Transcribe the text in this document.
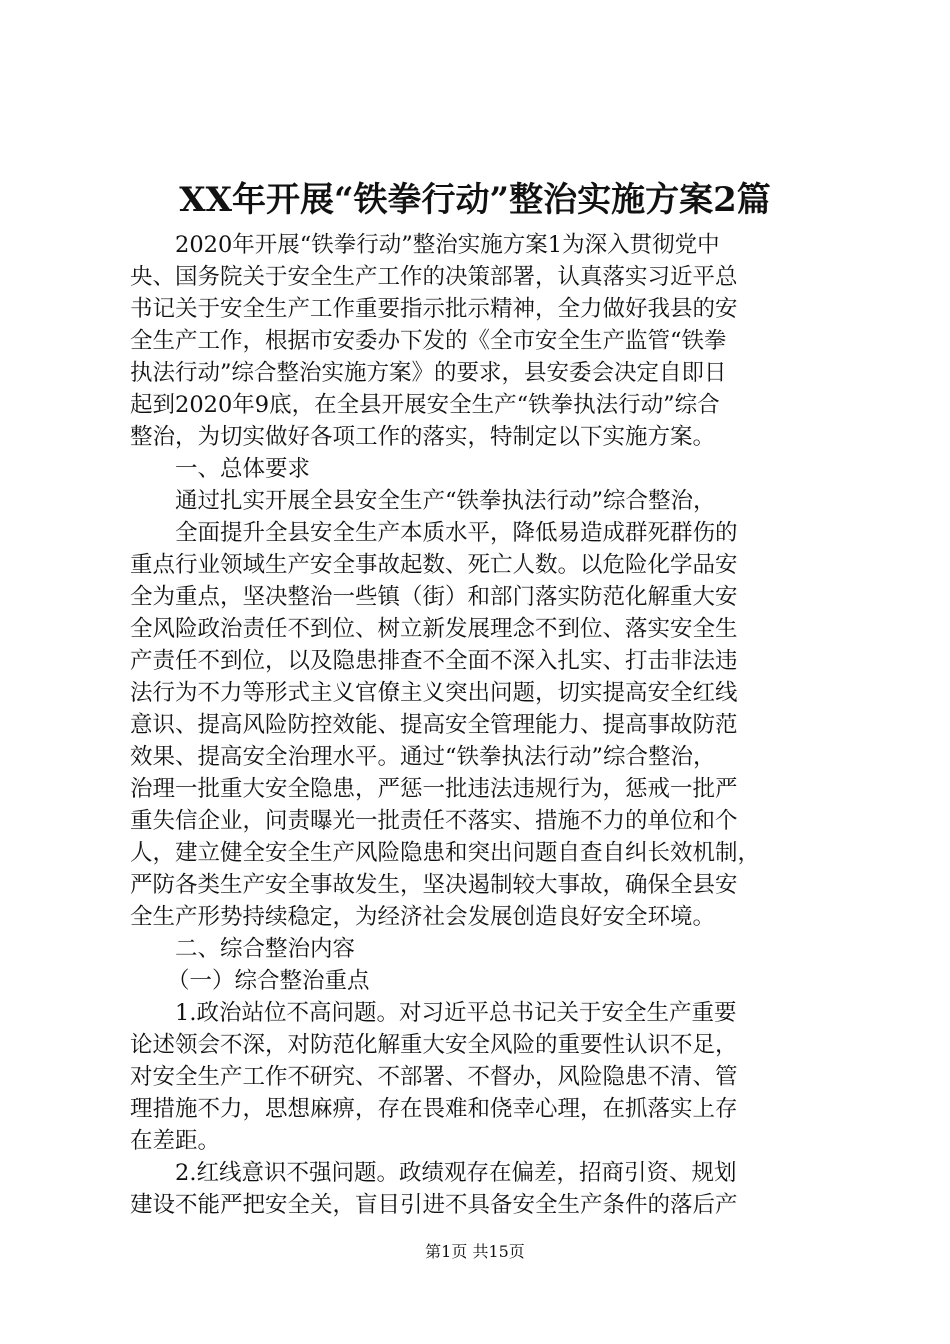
XX年开展“铁拳行动”整治实施方案2篇
2020年开展“铁拳行动”整治实施方案1为深入贯彻党中
央、国务院关于安全生产工作的决策部署，认真落实习近平总
书记关于安全生产工作重要指示批示精神，全力做好我县的安
全生产工作，根据市安委办下发的《全市安全生产监管“铁拳
执法行动”综合整治实施方案》的要求，县安委会决定自即日
起到2020年9底，在全县开展安全生产“铁拳执法行动”综合
整治，为切实做好各项工作的落实，特制定以下实施方案。
一、总体要求
通过扎实开展全县安全生产“铁拳执法行动”综合整治，
全面提升全县安全生产本质水平，降低易造成群死群伤的
重点行业领域生产安全事故起数、死亡人数。以危险化学品安
全为重点，坚决整治一些镇（街）和部门落实防范化解重大安
全风险政治责任不到位、树立新发展理念不到位、落实安全生
产责任不到位，以及隐患排查不全面不深入扎实、打击非法违
法行为不力等形式主义官僚主义突出问题，切实提高安全红线
意识、提高风险防控效能、提高安全管理能力、提高事故防范
效果、提高安全治理水平。通过“铁拳执法行动”综合整治，
治理一批重大安全隐患，严惩一批违法违规行为，惩戒一批严
重失信企业，问责曝光一批责任不落实、措施不力的单位和个
人，建立健全安全生产风险隐患和突出问题自查自纠长效机制，
严防各类生产安全事故发生，坚决遏制较大事故，确保全县安
全生产形势持续稳定，为经济社会发展创造良好安全环境。
二、综合整治内容
（一）综合整治重点
1.政治站位不高问题。对习近平总书记关于安全生产重要
论述领会不深，对防范化解重大安全风险的重要性认识不足，
对安全生产工作不研究、不部署、不督办，风险隐患不清、管
理措施不力，思想麻痹，存在畏难和侥幸心理，在抓落实上存
在差距。
2.红线意识不强问题。政绩观存在偏差，招商引资、规划
建设不能严把安全关，盲目引进不具备安全生产条件的落后产
第1页 共15页
